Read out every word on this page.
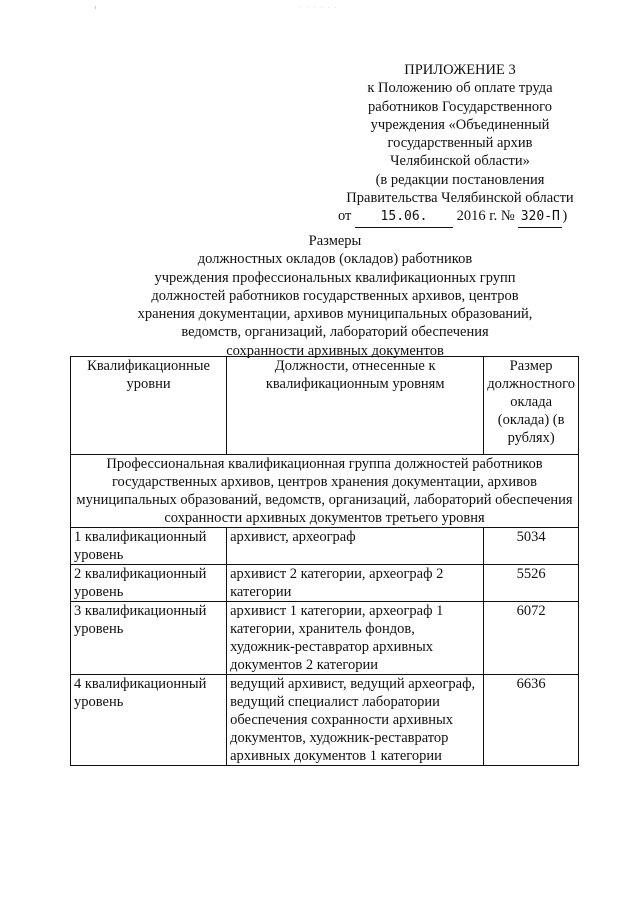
. . . . . .
ПРИЛОЖЕНИЕ 3
к Положению об оплате труда
работников Государственного
учреждения «Объединенный
государственный архив
Челябинской области»
(в редакции постановления
Правительства Челябинской области
от 15.06. 2016 г. № 320-П )
Размеры
должностных окладов (окладов) работников
учреждения профессиональных квалификационных групп
должностей работников государственных архивов, центров
хранения документации, архивов муниципальных образований,
ведомств, организаций, лабораторий обеспечения
сохранности архивных документов
Квалификационные уровни	Должности, отнесенные к квалификационным уровням	Размер должностного оклада (оклада) (в рублях)
Профессиональная квалификационная группа должностей работников государственных архивов, центров хранения документации, архивов муниципальных образований, ведомств, организаций, лабораторий обеспечения сохранности архивных документов третьего уровня		
1 квалификационный уровень	архивист, археограф	5034
2 квалификационный уровень	архивист 2 категории, археограф 2 категории	5526
3 квалификационный уровень	архивист 1 категории, археограф 1 категории, хранитель фондов, художник-реставратор архивных документов 2 категории	6072
4 квалификационный уровень	ведущий архивист, ведущий археограф, ведущий специалист лаборатории обеспечения сохранности архивных документов, художник-реставратор архивных документов 1 категории	6636
